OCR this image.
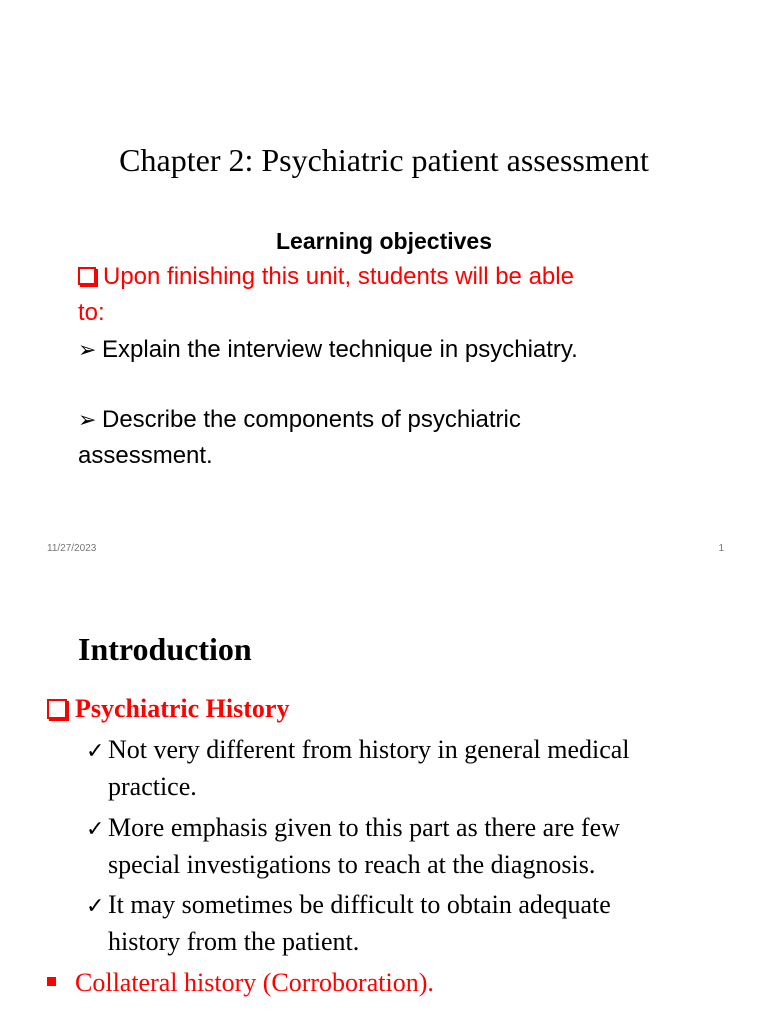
Chapter 2: Psychiatric patient assessment
Learning objectives
Upon finishing this unit, students will be able
to:
➢ Explain the interview technique in psychiatry.
➢ Describe the components of psychiatric
assessment.
11/27/2023	1
Introduction
Psychiatric History
✓ Not very different from history in general medical
practice.
✓ More emphasis given to this part as there are few
special investigations to reach at the diagnosis.
✓ It may sometimes be difficult to obtain adequate
history from the patient.
Collateral history (Corroboration).
